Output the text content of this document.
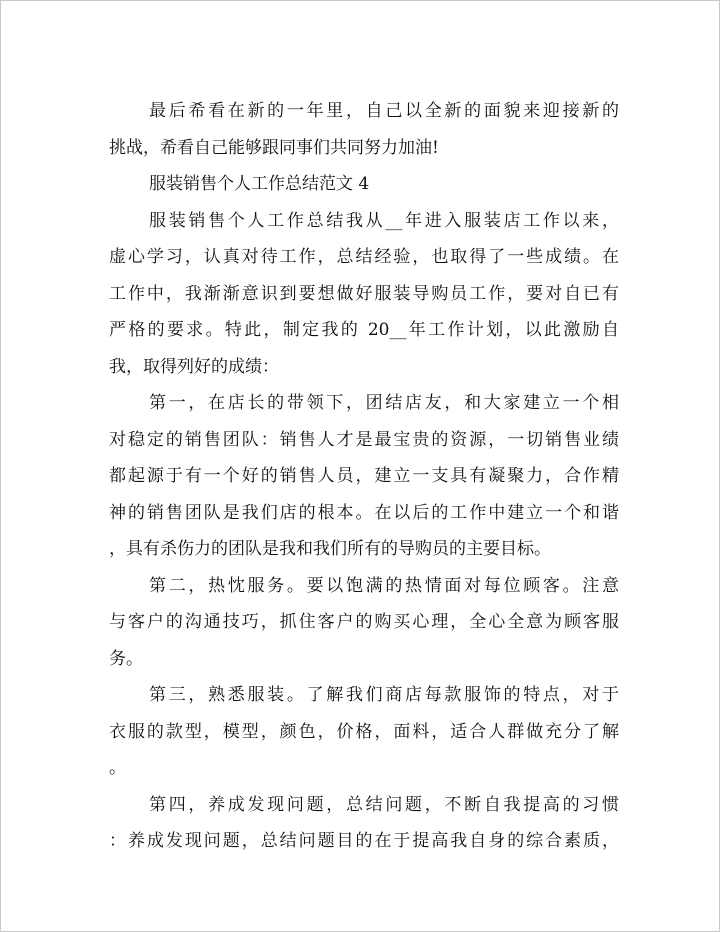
最后希看在新的一年里，自己以全新的面貌来迎接新的
挑战，希看自己能够跟同事们共同努力加油!
服装销售个人工作总结范文 4
服装销售个人工作总结我从__年进入服装店工作以来，
虚心学习，认真对待工作，总结经验，也取得了一些成绩。在
工作中，我渐渐意识到要想做好服装导购员工作，要对自已有
严格的要求。特此，制定我的 20__年工作计划，以此激励自
我，取得列好的成绩：
第一，在店长的带领下，团结店友，和大家建立一个相
对稳定的销售团队：销售人才是最宝贵的资源，一切销售业绩
都起源于有一个好的销售人员，建立一支具有凝聚力，合作精
神的销售团队是我们店的根本。在以后的工作中建立一个和谐
，具有杀伤力的团队是我和我们所有的导购员的主要目标。
第二，热忱服务。要以饱满的热情面对每位顾客。注意
与客户的沟通技巧，抓住客户的购买心理，全心全意为顾客服
务。
第三，熟悉服装。了解我们商店每款服饰的特点，对于
衣服的款型，模型，颜色，价格，面料，适合人群做充分了解
。
第四，养成发现问题，总结问题，不断自我提高的习惯
：养成发现问题，总结问题目的在于提高我自身的综合素质，
